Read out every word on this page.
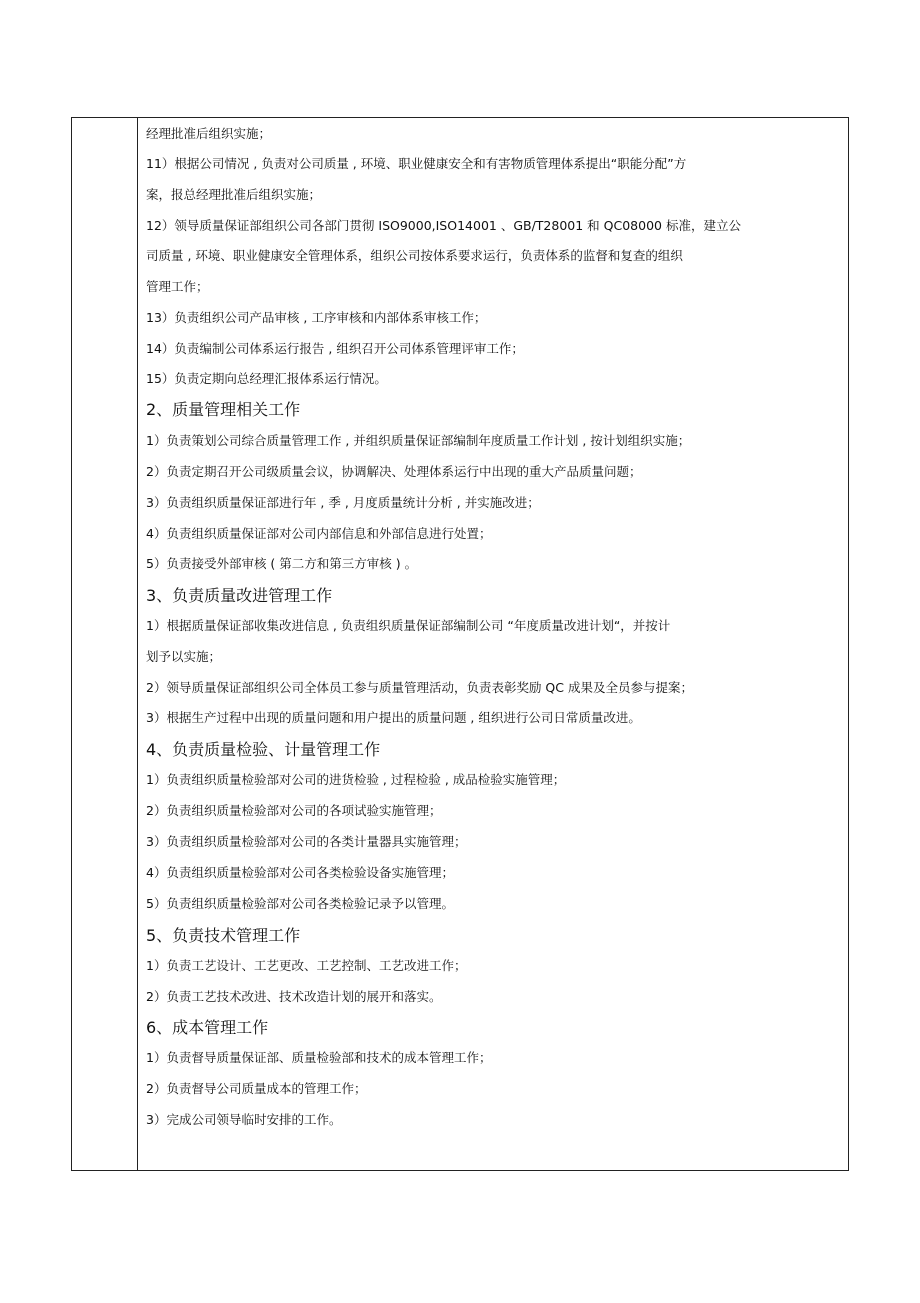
经理批准后组织实施；
11）根据公司情况 , 负责对公司质量 , 环境、职业健康安全和有害物质管理体系提出“职能分配”方
案，报总经理批准后组织实施；
12）领导质量保证部组织公司各部门贯彻 ISO9000,ISO14001 、GB/T28001 和 QC08000 标准，建立公
司质量 , 环境、职业健康安全管理体系，组织公司按体系要求运行，负责体系的监督和复查的组织
管理工作；
13）负责组织公司产品审核 , 工序审核和内部体系审核工作；
14）负责编制公司体系运行报告 , 组织召开公司体系管理评审工作；
15）负责定期向总经理汇报体系运行情况。
2、质量管理相关工作
1）负责策划公司综合质量管理工作 , 并组织质量保证部编制年度质量工作计划 , 按计划组织实施；
2）负责定期召开公司级质量会议，协调解决、处理体系运行中出现的重大产品质量问题；
3）负责组织质量保证部进行年 , 季 , 月度质量统计分析 , 并实施改进；
4）负责组织质量保证部对公司内部信息和外部信息进行处置；
5）负责接受外部审核 ( 第二方和第三方审核 ) 。
3、负责质量改进管理工作
1）根据质量保证部收集改进信息 , 负责组织质量保证部编制公司 “年度质量改进计划“，并按计
划予以实施；
2）领导质量保证部组织公司全体员工参与质量管理活动，负责表彰奖励 QC 成果及全员参与提案；
3）根据生产过程中出现的质量问题和用户提出的质量问题 , 组织进行公司日常质量改进。
4、负责质量检验、计量管理工作
1）负责组织质量检验部对公司的进货检验 , 过程检验 , 成品检验实施管理；
2）负责组织质量检验部对公司的各项试验实施管理；
3）负责组织质量检验部对公司的各类计量器具实施管理；
4）负责组织质量检验部对公司各类检验设备实施管理；
5）负责组织质量检验部对公司各类检验记录予以管理。
5、负责技术管理工作
1）负责工艺设计、工艺更改、工艺控制、工艺改进工作；
2）负责工艺技术改进、技术改造计划的展开和落实。
6、成本管理工作
1）负责督导质量保证部、质量检验部和技术的成本管理工作；
2）负责督导公司质量成本的管理工作；
3）完成公司领导临时安排的工作。
